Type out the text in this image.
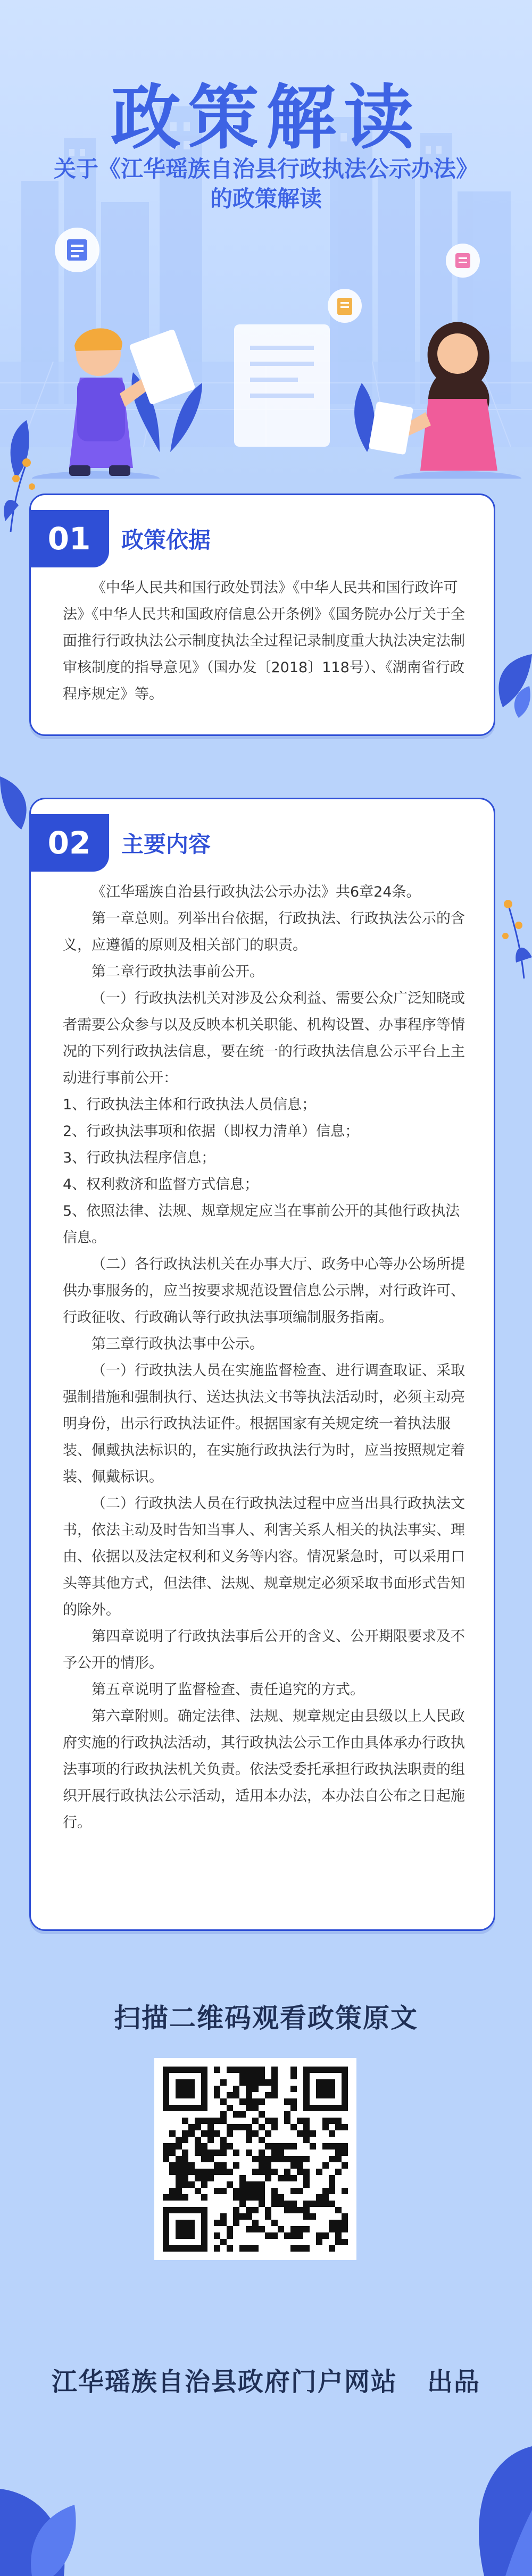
政策解读
关于《江华瑶族自治县行政执法公示办法》
的政策解读
01	政策依据

《中华人民共和国行政处罚法》《中华人民共和国行政许可法》《中华人民共和国政府信息公开条例》《国务院办公厅关于全面推行行政执法公示制度执法全过程记录制度重大执法决定法制审核制度的指导意见》（国办发〔2018〕118号）、《湖南省行政程序规定》等。

02	主要内容

《江华瑶族自治县行政执法公示办法》共6章24条。

第一章总则。列举出台依据，行政执法、行政执法公示的含义，应遵循的原则及相关部门的职责。

第二章行政执法事前公开。

（一）行政执法机关对涉及公众利益、需要公众广泛知晓或者需要公众参与以及反映本机关职能、机构设置、办事程序等情况的下列行政执法信息，要在统一的行政执法信息公示平台上主动进行事前公开：

1、行政执法主体和行政执法人员信息；

2、行政执法事项和依据（即权力清单）信息；

3、行政执法程序信息；

4、权利救济和监督方式信息；

5、依照法律、法规、规章规定应当在事前公开的其他行政执法信息。

（二）各行政执法机关在办事大厅、政务中心等办公场所提供办事服务的，应当按要求规范设置信息公示牌，对行政许可、行政征收、行政确认等行政执法事项编制服务指南。

第三章行政执法事中公示。

（一）行政执法人员在实施监督检查、进行调查取证、采取强制措施和强制执行、送达执法文书等执法活动时，必须主动亮明身份，出示行政执法证件。根据国家有关规定统一着执法服装、佩戴执法标识的，在实施行政执法行为时，应当按照规定着装、佩戴标识。

（二）行政执法人员在行政执法过程中应当出具行政执法文书，依法主动及时告知当事人、利害关系人相关的执法事实、理由、依据以及法定权利和义务等内容。情况紧急时，可以采用口头等其他方式，但法律、法规、规章规定必须采取书面形式告知的除外。

第四章说明了行政执法事后公开的含义、公开期限要求及不予公开的情形。

第五章说明了监督检查、责任追究的方式。

第六章附则。确定法律、法规、规章规定由县级以上人民政府实施的行政执法活动，其行政执法公示工作由具体承办行政执法事项的行政执法机关负责。依法受委托承担行政执法职责的组织开展行政执法公示活动，适用本办法，本办法自公布之日起施行。

扫描二维码观看政策原文
江华瑶族自治县政府门户网站   出品
